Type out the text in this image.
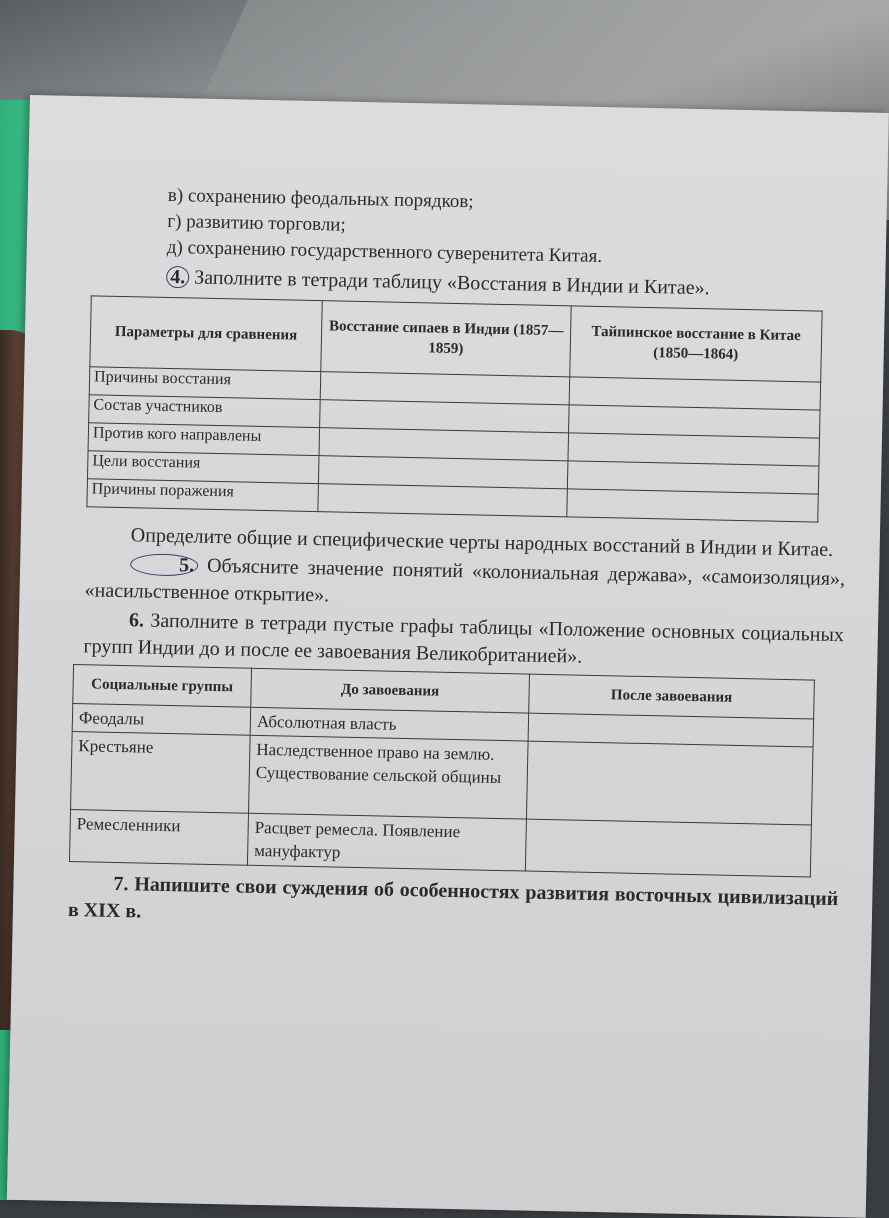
в) сохранению феодальных порядков;

г) развитию торговли;

д) сохранению государственного суверенитета Китая.

4. Заполните в тетради таблицу «Восстания в Индии и Китае».

Параметры для сравнения	Восстание сипаев в Индии (1857—1859)	Тайпинское восстание в Китае (1850—1864)
Причины восстания		
Состав участников		
Против кого направлены		
Цели восстания		
Причины поражения		

Определите общие и специфические черты народных восстаний в Индии и Китае.

5. Объясните значение понятий «колониальная держава», «самоизоляция», «насильственное открытие».

6. Заполните в тетради пустые графы таблицы «Положение основных социальных групп Индии до и после ее завоевания Великобританией».

Социальные группы	До завоевания	После завоевания
Феодалы	Абсолютная власть	
Крестьяне	Наследственное право на землю. Существование сельской общины	
Ремесленники	Расцвет ремесла. Появление мануфактур	

7. Напишите свои суждения об особенностях развития восточных цивилизаций в XIX в.
